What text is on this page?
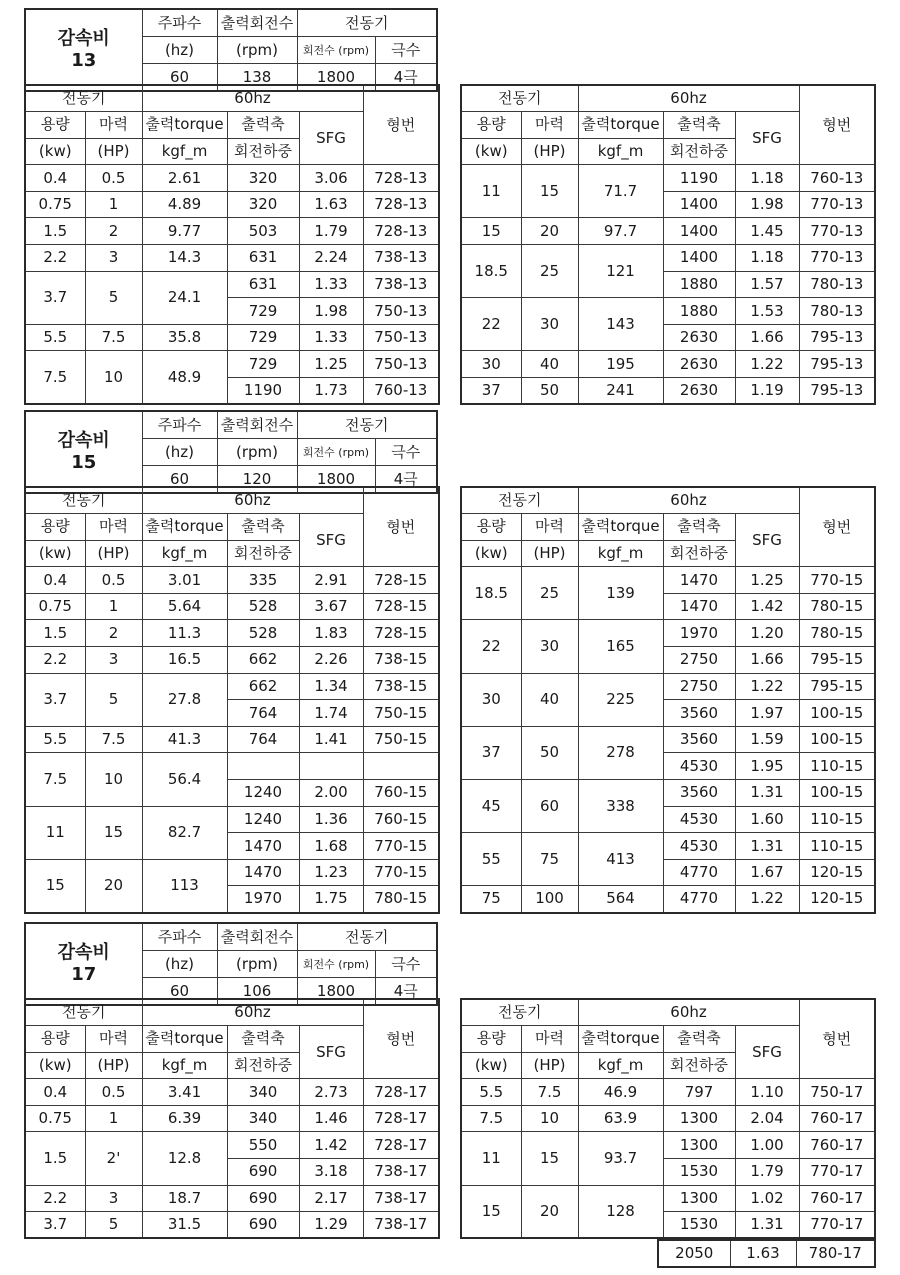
감속비
13	주파수	출력회전수	전동기	
	(hz)	(rpm)	회전수 (rpm)	극수
	60	138	1800	4극
전동기		60hz			형번
용량	마력	출력torque	출력축	SFG	
(kw)	(HP)	kgf_m	회전하중		
0.4	0.5	2.61	320	3.06	728-13
0.75	1	4.89	320	1.63	728-13
1.5	2	9.77	503	1.79	728-13
2.2	3	14.3	631	2.24	738-13
3.7	5	24.1	631	1.33	738-13
			729	1.98	750-13
5.5	7.5	35.8	729	1.33	750-13
7.5	10	48.9	729	1.25	750-13
			1190	1.73	760-13
전동기		60hz			형번
용량	마력	출력torque	출력축	SFG	
(kw)	(HP)	kgf_m	회전하중		
11	15	71.7	1190	1.18	760-13
			1400	1.98	770-13
15	20	97.7	1400	1.45	770-13
18.5	25	121	1400	1.18	770-13
			1880	1.57	780-13
22	30	143	1880	1.53	780-13
			2630	1.66	795-13
30	40	195	2630	1.22	795-13
37	50	241	2630	1.19	795-13
감속비
15	주파수	출력회전수	전동기	
	(hz)	(rpm)	회전수 (rpm)	극수
	60	120	1800	4극
전동기		60hz			형번
용량	마력	출력torque	출력축	SFG	
(kw)	(HP)	kgf_m	회전하중		
0.4	0.5	3.01	335	2.91	728-15
0.75	1	5.64	528	3.67	728-15
1.5	2	11.3	528	1.83	728-15
2.2	3	16.5	662	2.26	738-15
3.7	5	27.8	662	1.34	738-15
			764	1.74	750-15
5.5	7.5	41.3	764	1.41	750-15
7.5	10	56.4			
			1240	2.00	760-15
11	15	82.7	1240	1.36	760-15
			1470	1.68	770-15
15	20	113	1470	1.23	770-15
			1970	1.75	780-15
전동기		60hz			형번
용량	마력	출력torque	출력축	SFG	
(kw)	(HP)	kgf_m	회전하중		
18.5	25	139	1470	1.25	770-15
			1470	1.42	780-15
22	30	165	1970	1.20	780-15
			2750	1.66	795-15
30	40	225	2750	1.22	795-15
			3560	1.97	100-15
37	50	278	3560	1.59	100-15
			4530	1.95	110-15
45	60	338	3560	1.31	100-15
			4530	1.60	110-15
55	75	413	4530	1.31	110-15
			4770	1.67	120-15
75	100	564	4770	1.22	120-15
감속비
17	주파수	출력회전수	전동기	
	(hz)	(rpm)	회전수 (rpm)	극수
	60	106	1800	4극
전동기		60hz			형번
용량	마력	출력torque	출력축	SFG	
(kw)	(HP)	kgf_m	회전하중		
0.4	0.5	3.41	340	2.73	728-17
0.75	1	6.39	340	1.46	728-17
1.5	2'	12.8	550	1.42	728-17
			690	3.18	738-17
2.2	3	18.7	690	2.17	738-17
3.7	5	31.5	690	1.29	738-17
전동기		60hz			형번
용량	마력	출력torque	출력축	SFG	
(kw)	(HP)	kgf_m	회전하중		
5.5	7.5	46.9	797	1.10	750-17
7.5	10	63.9	1300	2.04	760-17
11	15	93.7	1300	1.00	760-17
			1530	1.79	770-17
15	20	128	1300	1.02	760-17
			1530	1.31	770-17
2050	1.63	780-17
